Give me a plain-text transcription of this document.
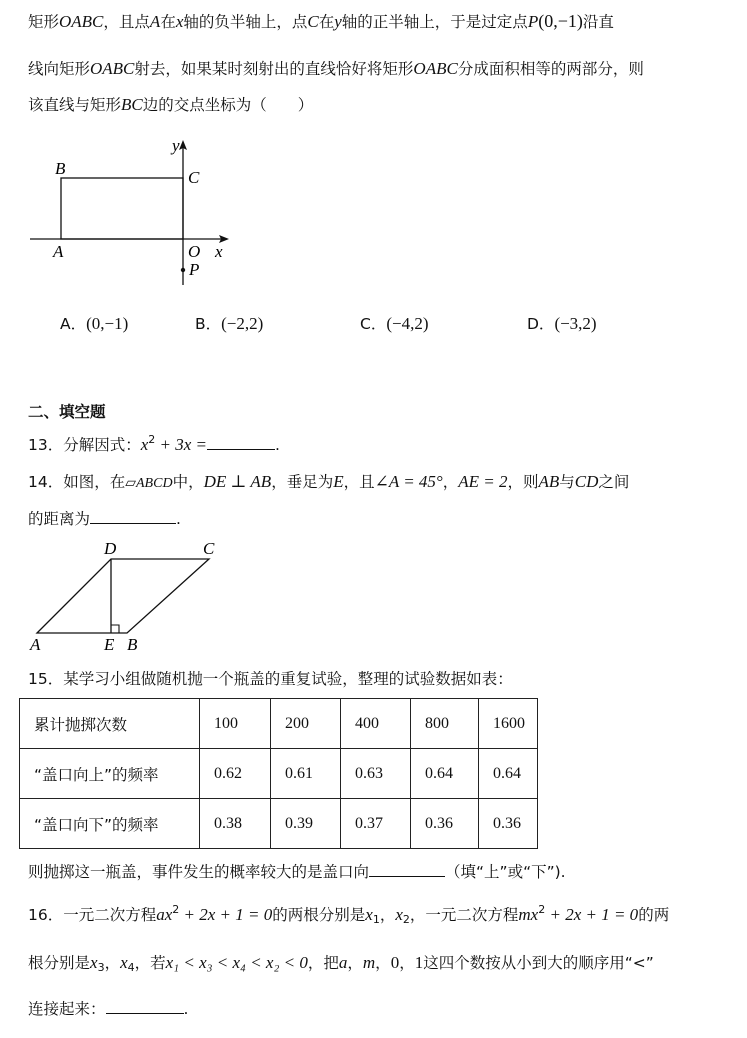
矩形OABC，且点A在x轴的负半轴上，点C在y轴的正半轴上，于是过定点P(0,−1)沿直
线向矩形OABC射去，如果某时刻射出的直线恰好将矩形OABC分成面积相等的两部分，则
该直线与矩形BC边的交点坐标为（　　）
y
B	C
A	O x
P
A．(0,−1)	B．(−2,2)	C．(−4,2)	D．(−3,2)
二、填空题
13．分解因式：$x^2 + 3x$ =	.
14．如图，在▱ABCD中，DE ⊥ AB，垂足为E，且∠A = 45°，AE = 2，则AB与CD之间
的距离为	.
D	C
A	E B
15．某学习小组做随机抛一个瓶盖的重复试验，整理的试验数据如表：
累计抛掷次数	100	200	400	800	1600
“盖口向上”的频率	0.62	0.61	0.63	0.64	0.64
“盖口向下”的频率	0.38	0.39	0.37	0.36	0.36
则抛掷这一瓶盖，事件发生的概率较大的是盖口向	（填“上”或“下”).
16．一元二次方程$ax^2 + 2x + 1 = 0$的两根分别是$x_1$，$x_2$，一元二次方程$mx^2 + 2x + 1 = 0$的两
根分别是$x_3$，$x_4$，若x₁ < x₃ < x₄ < x₂ < 0，把a，m，0，1这四个数按从小到大的顺序用“<”
连接起来：	.
